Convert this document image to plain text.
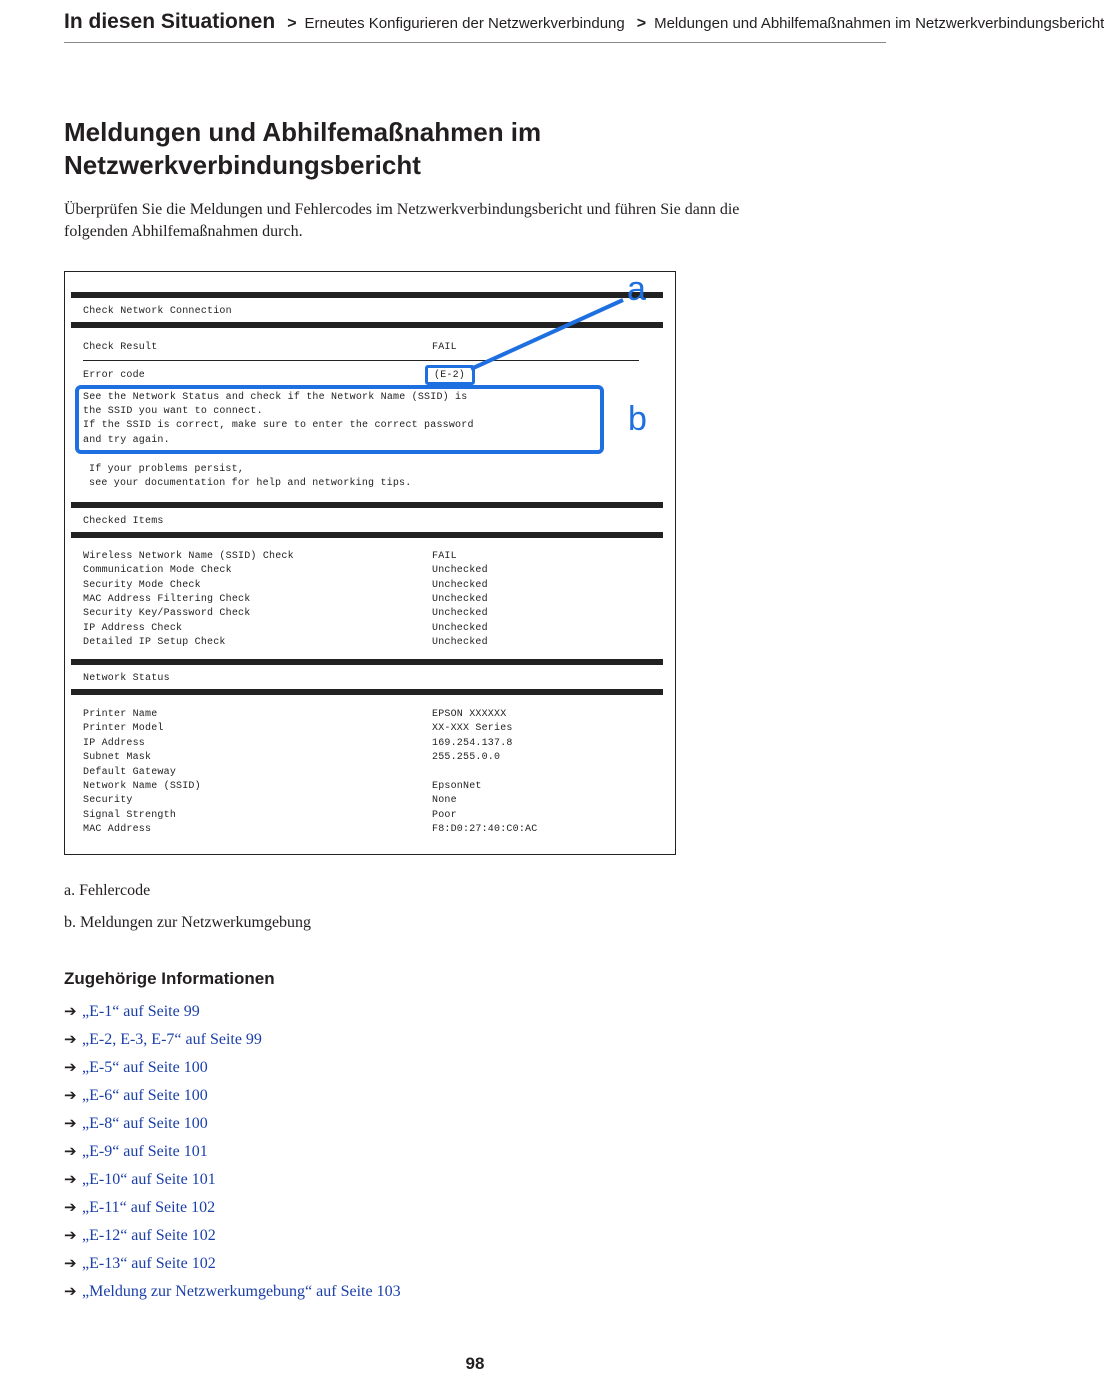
In diesen Situationen > Erneutes Konfigurieren der Netzwerkverbindung > Meldungen und Abhilfemaßnahmen im Netzwerkverbindungsbericht
Meldungen und Abhilfemaßnahmen im
Netzwerkverbindungsbericht

Überprüfen Sie die Meldungen und Fehlercodes im Netzwerkverbindungsbericht und führen Sie dann die
folgenden Abhilfemaßnahmen durch.

Check Network Connection
Check Result	FAIL
Error code	(E-2)
a
See the Network Status and check if the Network Name (SSID) is
the SSID you want to connect.
If the SSID is correct, make sure to enter the correct password
and try again.
b
If your problems persist,
see your documentation for help and networking tips.
Checked Items
Wireless Network Name (SSID) Check	FAIL
Communication Mode Check	Unchecked
Security Mode Check	Unchecked
MAC Address Filtering Check	Unchecked
Security Key/Password Check	Unchecked
IP Address Check	Unchecked
Detailed IP Setup Check	Unchecked
Network Status
Printer Name	EPSON XXXXXX
Printer Model	XX-XXX Series
IP Address	169.254.137.8
Subnet Mask	255.255.0.0
Default Gateway
Network Name (SSID)	EpsonNet
Security	None
Signal Strength	Poor
MAC Address	F8:D0:27:40:C0:AC
a. Fehlercode
b. Meldungen zur Netzwerkumgebung
Zugehörige Informationen
➔ „E-1“ auf Seite 99
➔ „E-2, E-3, E-7“ auf Seite 99
➔ „E-5“ auf Seite 100
➔ „E-6“ auf Seite 100
➔ „E-8“ auf Seite 100
➔ „E-9“ auf Seite 101
➔ „E-10“ auf Seite 101
➔ „E-11“ auf Seite 102
➔ „E-12“ auf Seite 102
➔ „E-13“ auf Seite 102
➔ „Meldung zur Netzwerkumgebung“ auf Seite 103
98
